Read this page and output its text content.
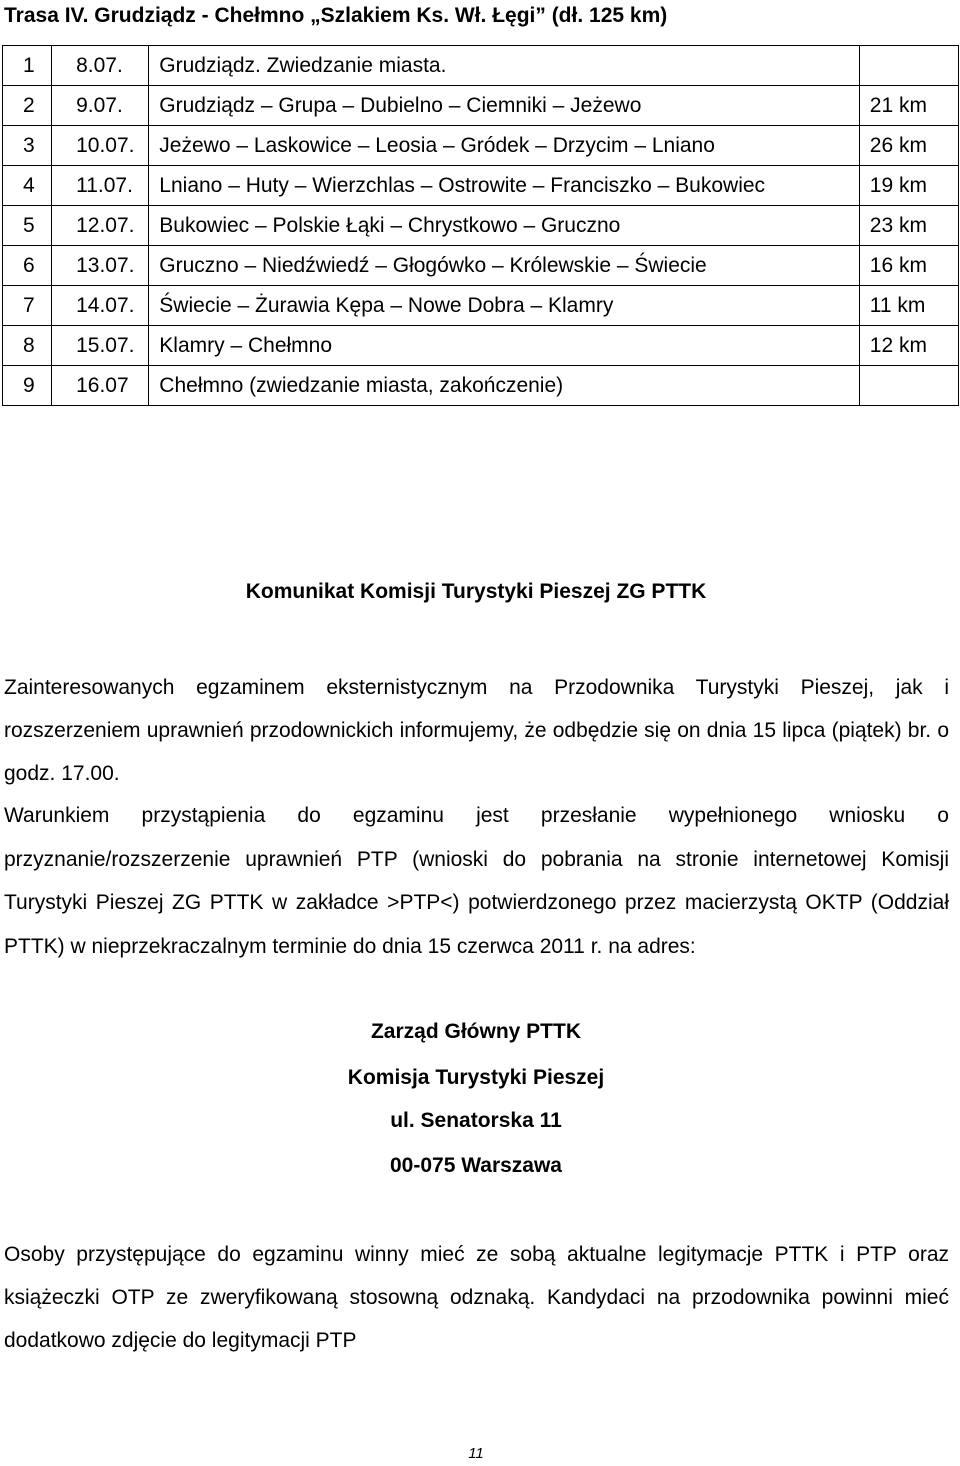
Trasa IV. Grudziądz - Chełmno „Szlakiem Ks. Wł. Łęgi” (dł. 125 km)
1	8.07.	Grudziądz. Zwiedzanie miasta.	
2	9.07.	Grudziądz – Grupa – Dubielno – Ciemniki – Jeżewo	21 km
3	10.07.	Jeżewo – Laskowice – Leosia – Gródek – Drzycim – Lniano	26 km
4	11.07.	Lniano – Huty – Wierzchlas – Ostrowite – Franciszko – Bukowiec	19 km
5	12.07.	Bukowiec – Polskie Łąki – Chrystkowo – Gruczno	23 km
6	13.07.	Gruczno – Niedźwiedź – Głogówko – Królewskie – Świecie	16 km
7	14.07.	Świecie – Żurawia Kępa – Nowe Dobra – Klamry	11 km
8	15.07.	Klamry – Chełmno	12 km
9	16.07	Chełmno (zwiedzanie miasta, zakończenie)	
Komunikat Komisji Turystyki Pieszej ZG PTTK
Zainteresowanych egzaminem eksternistycznym na Przodownika Turystyki Pieszej, jak i rozszerzeniem uprawnień przodownickich informujemy, że odbędzie się on dnia 15 lipca (piątek) br. o godz. 17.00.
Warunkiem przystąpienia do egzaminu jest przesłanie wypełnionego wniosku o przyznanie/rozszerzenie uprawnień PTP (wnioski do pobrania na stronie internetowej Komisji Turystyki Pieszej ZG PTTK w zakładce >PTP<) potwierdzonego przez macierzystą OKTP (Oddział PTTK) w nieprzekraczalnym terminie do dnia 15 czerwca 2011 r. na adres:
Zarząd Główny PTTK
Komisja Turystyki Pieszej
ul. Senatorska 11
00-075 Warszawa
Osoby przystępujące do egzaminu winny mieć ze sobą aktualne legitymacje PTTK i PTP oraz książeczki OTP ze zweryfikowaną stosowną odznaką. Kandydaci na przodownika powinni mieć dodatkowo zdjęcie do legitymacji PTP
11
